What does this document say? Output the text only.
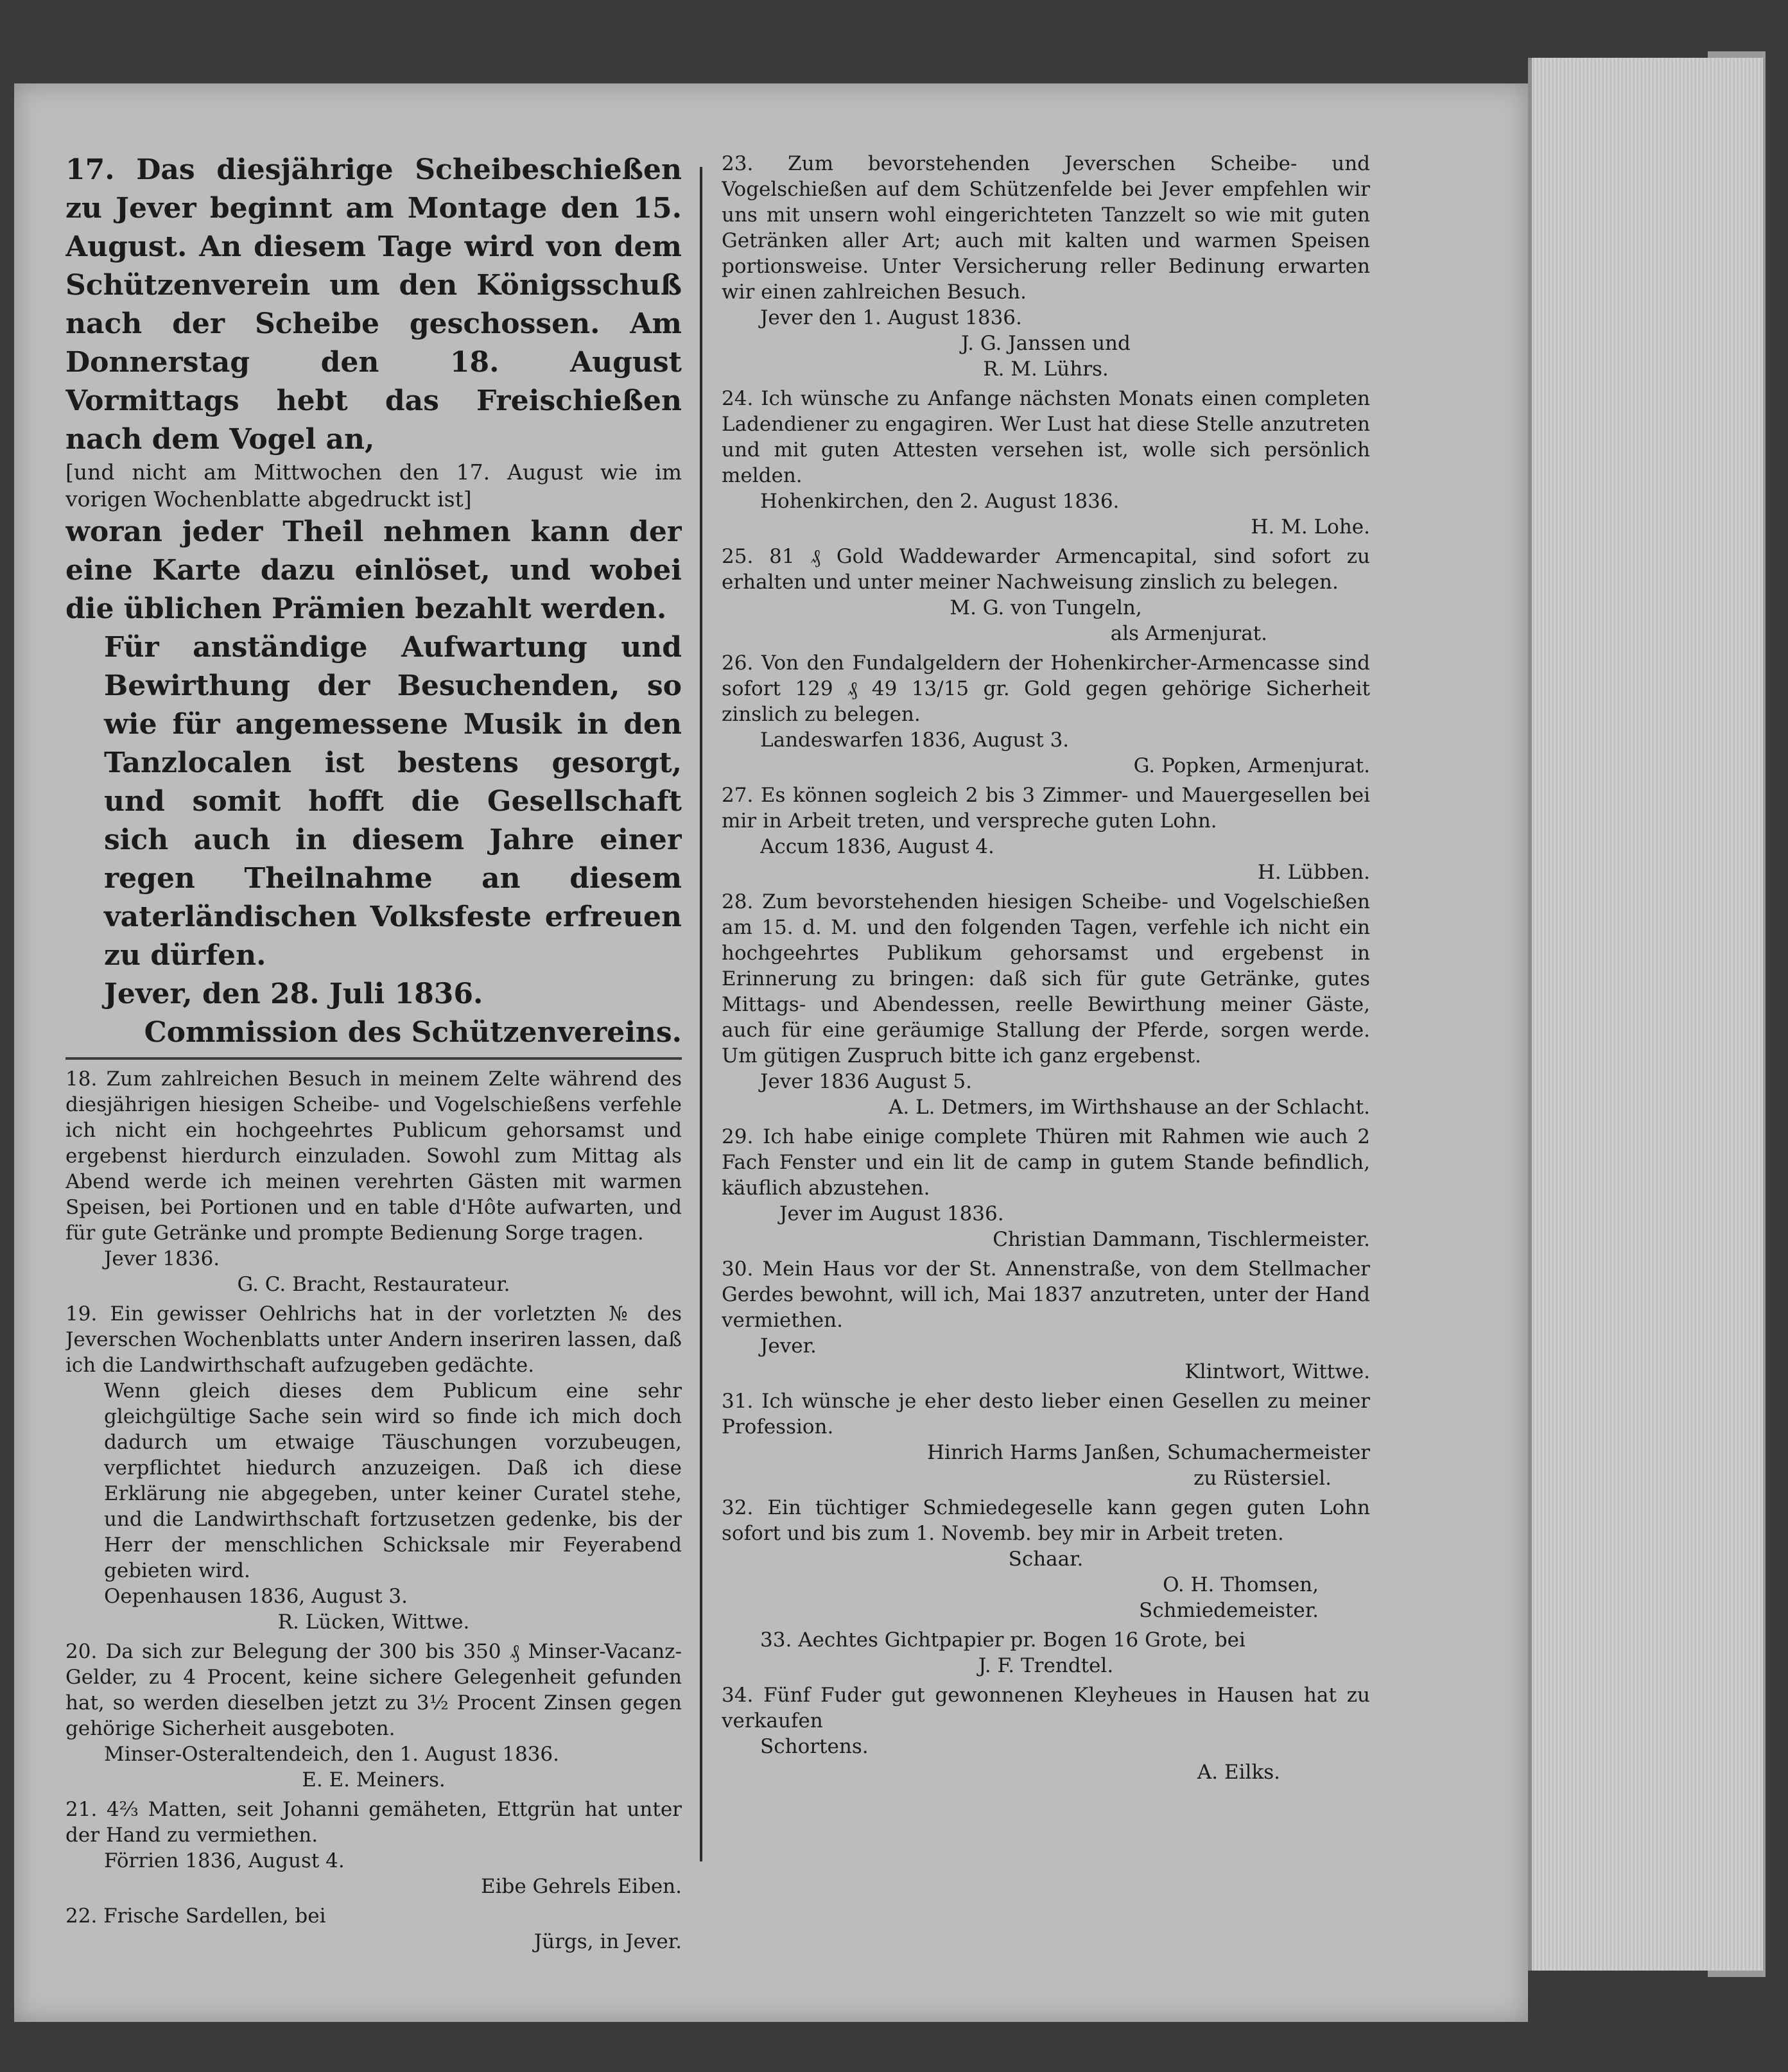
17. Das diesjährige Scheibeschießen zu Jever beginnt am Montage den 15. August. An diesem Tage wird von dem Schützenverein um den Königsschuß nach der Scheibe geschossen. Am Donnerstag den 18. August Vormittags hebt das Freischießen nach dem Vogel an,

[und nicht am Mittwochen den 17. August wie im vorigen Wochenblatte abgedruckt ist]

woran jeder Theil nehmen kann der eine Karte dazu einlöset, und wobei die üblichen Prämien bezahlt werden.

Für anständige Aufwartung und Bewirthung der Besuchenden, so wie für angemessene Musik in den Tanzlocalen ist bestens gesorgt, und somit hofft die Gesellschaft sich auch in diesem Jahre einer regen Theilnahme an diesem vaterländischen Volksfeste erfreuen zu dürfen.

Jever, den 28. Juli 1836.

Commission des Schützenvereins.

18. Zum zahlreichen Besuch in meinem Zelte während des diesjährigen hiesigen Scheibe- und Vogelschießens verfehle ich nicht ein hochgeehrtes Publicum gehorsamst und ergebenst hierdurch einzuladen. Sowohl zum Mittag als Abend werde ich meinen verehrten Gästen mit warmen Speisen, bei Portionen und en table d'Hôte aufwarten, und für gute Getränke und prompte Bedienung Sorge tragen.

Jever 1836.

G. C. Bracht, Restaurateur.

19. Ein gewisser Oehlrichs hat in der vorletzten № des Jeverschen Wochenblatts unter Andern inseriren lassen, daß ich die Landwirthschaft aufzugeben gedächte.

Wenn gleich dieses dem Publicum eine sehr gleichgültige Sache sein wird so finde ich mich doch dadurch um etwaige Täuschungen vorzubeugen, verpflichtet hiedurch anzuzeigen. Daß ich diese Erklärung nie abgegeben, unter keiner Curatel stehe, und die Landwirthschaft fortzusetzen gedenke, bis der Herr der menschlichen Schicksale mir Feyerabend gebieten wird.

Oepenhausen 1836, August 3.

R. Lücken, Wittwe.

20. Da sich zur Belegung der 300 bis 350 ₰ Minser-Vacanz-Gelder, zu 4 Procent, keine sichere Gelegenheit gefunden hat, so werden dieselben jetzt zu 3½ Procent Zinsen gegen gehörige Sicherheit ausgeboten.

Minser-Osteraltendeich, den 1. August 1836.

E. E. Meiners.

21. 4⅔ Matten, seit Johanni gemäheten, Ettgrün hat unter der Hand zu vermiethen.

Förrien 1836, August 4.

Eibe Gehrels Eiben.

22. Frische Sardellen, bei

Jürgs, in Jever.

23. Zum bevorstehenden Jeverschen Scheibe- und Vogelschießen auf dem Schützenfelde bei Jever empfehlen wir uns mit unsern wohl eingerichteten Tanzzelt so wie mit guten Getränken aller Art; auch mit kalten und warmen Speisen portionsweise. Unter Versicherung reller Bedinung erwarten wir einen zahlreichen Besuch.

Jever den 1. August 1836.

J. G. Janssen und

R. M. Lührs.

24. Ich wünsche zu Anfange nächsten Monats einen completen Ladendiener zu engagiren. Wer Lust hat diese Stelle anzutreten und mit guten Attesten versehen ist, wolle sich persönlich melden.

Hohenkirchen, den 2. August 1836.

H. M. Lohe.

25. 81 ₰ Gold Waddewarder Armencapital, sind sofort zu erhalten und unter meiner Nachweisung zinslich zu belegen.

M. G. von Tungeln,

als Armenjurat.

26. Von den Fundalgeldern der Hohenkircher-Armencasse sind sofort 129 ₰ 49 13/15 gr. Gold gegen gehörige Sicherheit zinslich zu belegen.

Landeswarfen 1836, August 3.

G. Popken, Armenjurat.

27. Es können sogleich 2 bis 3 Zimmer- und Mauergesellen bei mir in Arbeit treten, und verspreche guten Lohn.

Accum 1836, August 4.

H. Lübben.

28. Zum bevorstehenden hiesigen Scheibe- und Vogelschießen am 15. d. M. und den folgenden Tagen, verfehle ich nicht ein hochgeehrtes Publikum gehorsamst und ergebenst in Erinnerung zu bringen: daß sich für gute Getränke, gutes Mittags- und Abendessen, reelle Bewirthung meiner Gäste, auch für eine geräumige Stallung der Pferde, sorgen werde. Um gütigen Zuspruch bitte ich ganz ergebenst.

Jever 1836 August 5.

A. L. Detmers, im Wirthshause an der Schlacht.

29. Ich habe einige complete Thüren mit Rahmen wie auch 2 Fach Fenster und ein lit de camp in gutem Stande befindlich, käuflich abzustehen.

Jever im August 1836.

Christian Dammann, Tischlermeister.

30. Mein Haus vor der St. Annenstraße, von dem Stellmacher Gerdes bewohnt, will ich, Mai 1837 anzutreten, unter der Hand vermiethen.

Jever.

Klintwort, Wittwe.

31. Ich wünsche je eher desto lieber einen Gesellen zu meiner Profession.

Hinrich Harms Janßen, Schumachermeister

zu Rüstersiel.

32. Ein tüchtiger Schmiedegeselle kann gegen guten Lohn sofort und bis zum 1. Novemb. bey mir in Arbeit treten.

Schaar.

O. H. Thomsen,

Schmiedemeister.

33. Aechtes Gichtpapier pr. Bogen 16 Grote, bei

J. F. Trendtel.

34. Fünf Fuder gut gewonnenen Kleyheues in Hausen hat zu verkaufen

Schortens.

A. Eilks.
